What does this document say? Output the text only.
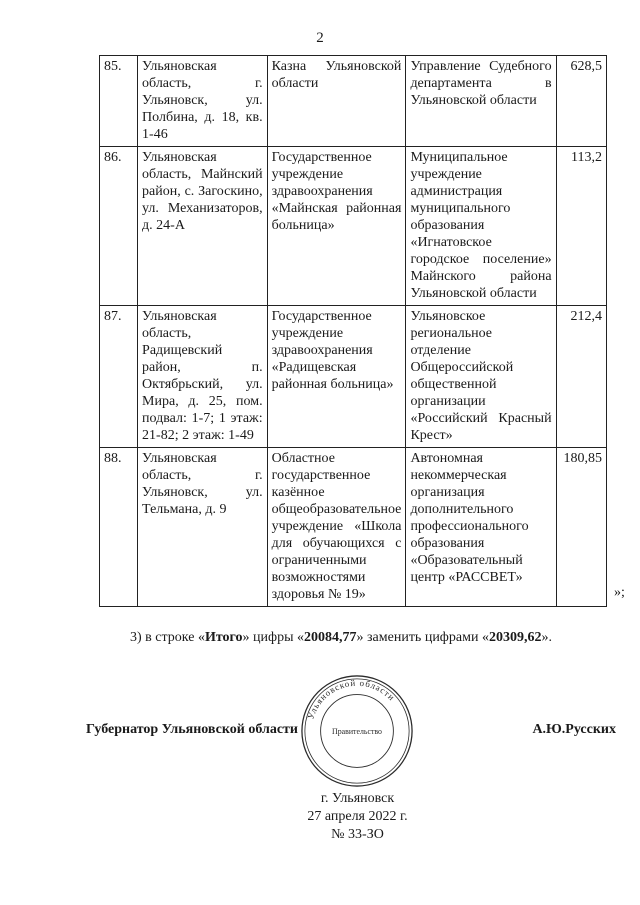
2
85.	Ульяновская область, г. Ульяновск, ул. Полбина, д. 18, кв. 1-46	Казна Ульяновской области	Управление Судебного департамента в Ульяновской области	628,5
86.	Ульяновская область, Майнский район, с. Загоскино, ул. Механизаторов, д. 24-А	Государственное учреждение здравоохранения «Майнская районная больница»	Муниципальное учреждение администрация муниципального образования «Игнатовское городское поселение» Майнского района Ульяновской области	113,2
87.	Ульяновская область, Радищевский район, п. Октябрьский, ул. Мира, д. 25, пом. подвал: 1-7; 1 этаж: 21-82; 2 этаж: 1-49	Государственное учреждение здравоохранения «Радищевская районная больница»	Ульяновское региональное отделение Общероссийской общественной организации «Российский Красный Крест»	212,4
88.	Ульяновская область, г. Ульяновск, ул. Тельмана, д. 9	Областное государственное казённое общеобразовательное учреждение «Школа для обучающихся с ограниченными возможностями здоровья № 19»	Автономная некоммерческая организация дополнительного профессионального образования «Образовательный центр «РАССВЕТ»	180,85
»;
3) в строке «Итого» цифры «20084,77» заменить цифрами «20309,62».
Ульяновской области
Правительство
Губернатор Ульяновской области	А.Ю.Русских
г. Ульяновск
27 апреля 2022 г.
№ 33-ЗО
